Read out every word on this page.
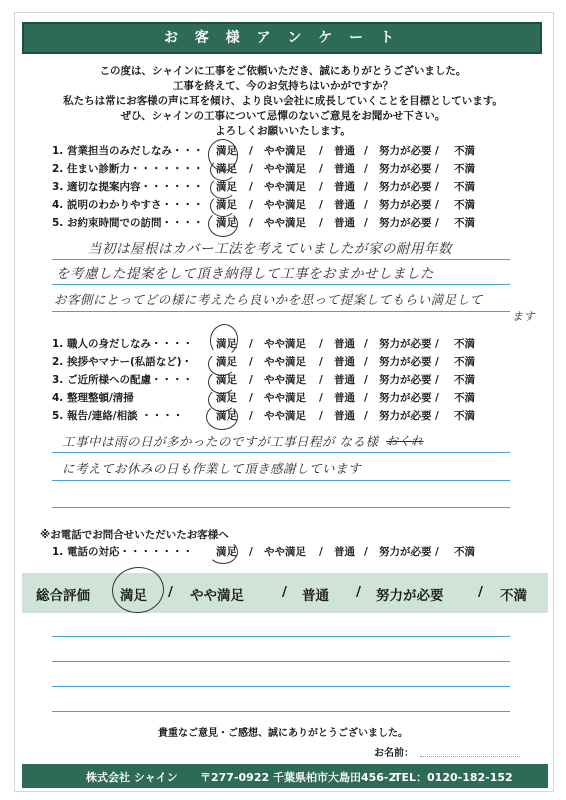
お 客 様 ア ン ケ ー ト
この度は、シャインに工事をご依頼いただき、誠にありがとうございました。
工事を終えて、今のお気持ちはいかがですか？
私たちは常にお客様の声に耳を傾け、より良い会社に成長していくことを目標としています。
ぜひ、シャインの工事について忌憚のないご意見をお聞かせ下さい。
よろしくお願いいたします。
1. 営業担当のみだしなみ・・・	満足 / やや満足 / 普通 / 努力が必要 / 不満
2. 住まい診断力・・・・・・・	満足 / やや満足 / 普通 / 努力が必要 / 不満
3. 適切な提案内容・・・・・・	満足 / やや満足 / 普通 / 努力が必要 / 不満
4. 説明のわかりやすさ・・・・	満足 / やや満足 / 普通 / 努力が必要 / 不満
5. お約束時間での訪問・・・・	満足 / やや満足 / 普通 / 努力が必要 / 不満
当初は屋根はカバー工法を考えていましたが家の耐用年数
を考慮した提案をして頂き納得して工事をおまかせしました
お客側にとってどの様に考えたら良いかを思って提案してもらい満足して
ます
1. 職人の身だしなみ・・・・	満足 / やや満足 / 普通 / 努力が必要 / 不満
2. 挨拶やマナー(私語など)・	満足 / やや満足 / 普通 / 努力が必要 / 不満
3. ご近所様への配慮・・・・	満足 / やや満足 / 普通 / 努力が必要 / 不満
4. 整理整頓/清掃	満足 / やや満足 / 普通 / 努力が必要 / 不満
5. 報告/連絡/相談 ・・・・	満足 / やや満足 / 普通 / 努力が必要 / 不満
工事中は雨の日が多かったのですが工事日程が なる様 おくれ
に考えてお休みの日も作業して頂き感謝しています
※お電話でお問合せいただいたお客様へ
1. 電話の対応・・・・・・・	満足 / やや満足 / 普通 / 努力が必要 / 不満
総合評価 満足 / やや満足	/ 普通 / 努力が必要	/ 不満
貴重なご意見・ご感想、誠にありがとうございました。
お名前：
株式会社 シャイン 〒277-0922 千葉県柏市大島田456-2
TEL：0120-182-152
